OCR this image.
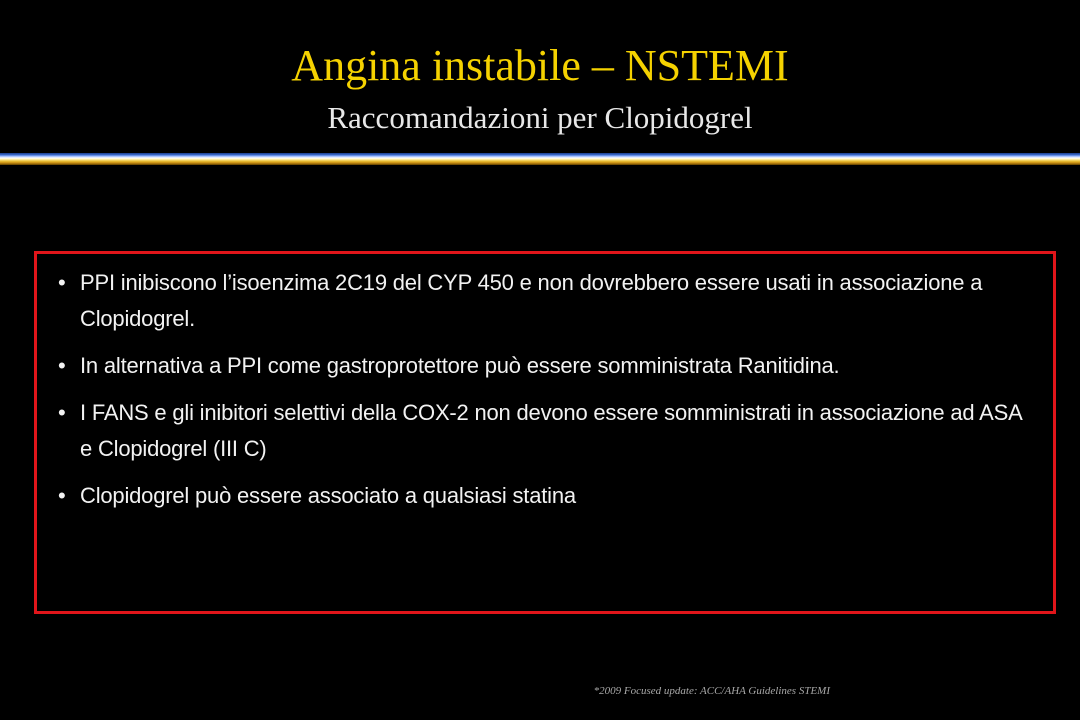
Angina instabile – NSTEMI
Raccomandazioni per Clopidogrel
• PPI inibiscono l’isoenzima 2C19 del CYP 450 e non dovrebbero essere usati in associazione a Clopidogrel.
• In alternativa a PPI come gastroprotettore può essere somministrata Ranitidina.
• I FANS e gli inibitori selettivi della COX-2 non devono essere somministrati in associazione ad ASA e Clopidogrel (III C)
• Clopidogrel può essere associato a qualsiasi statina
*2009 Focused update: ACC/AHA Guidelines STEMI
